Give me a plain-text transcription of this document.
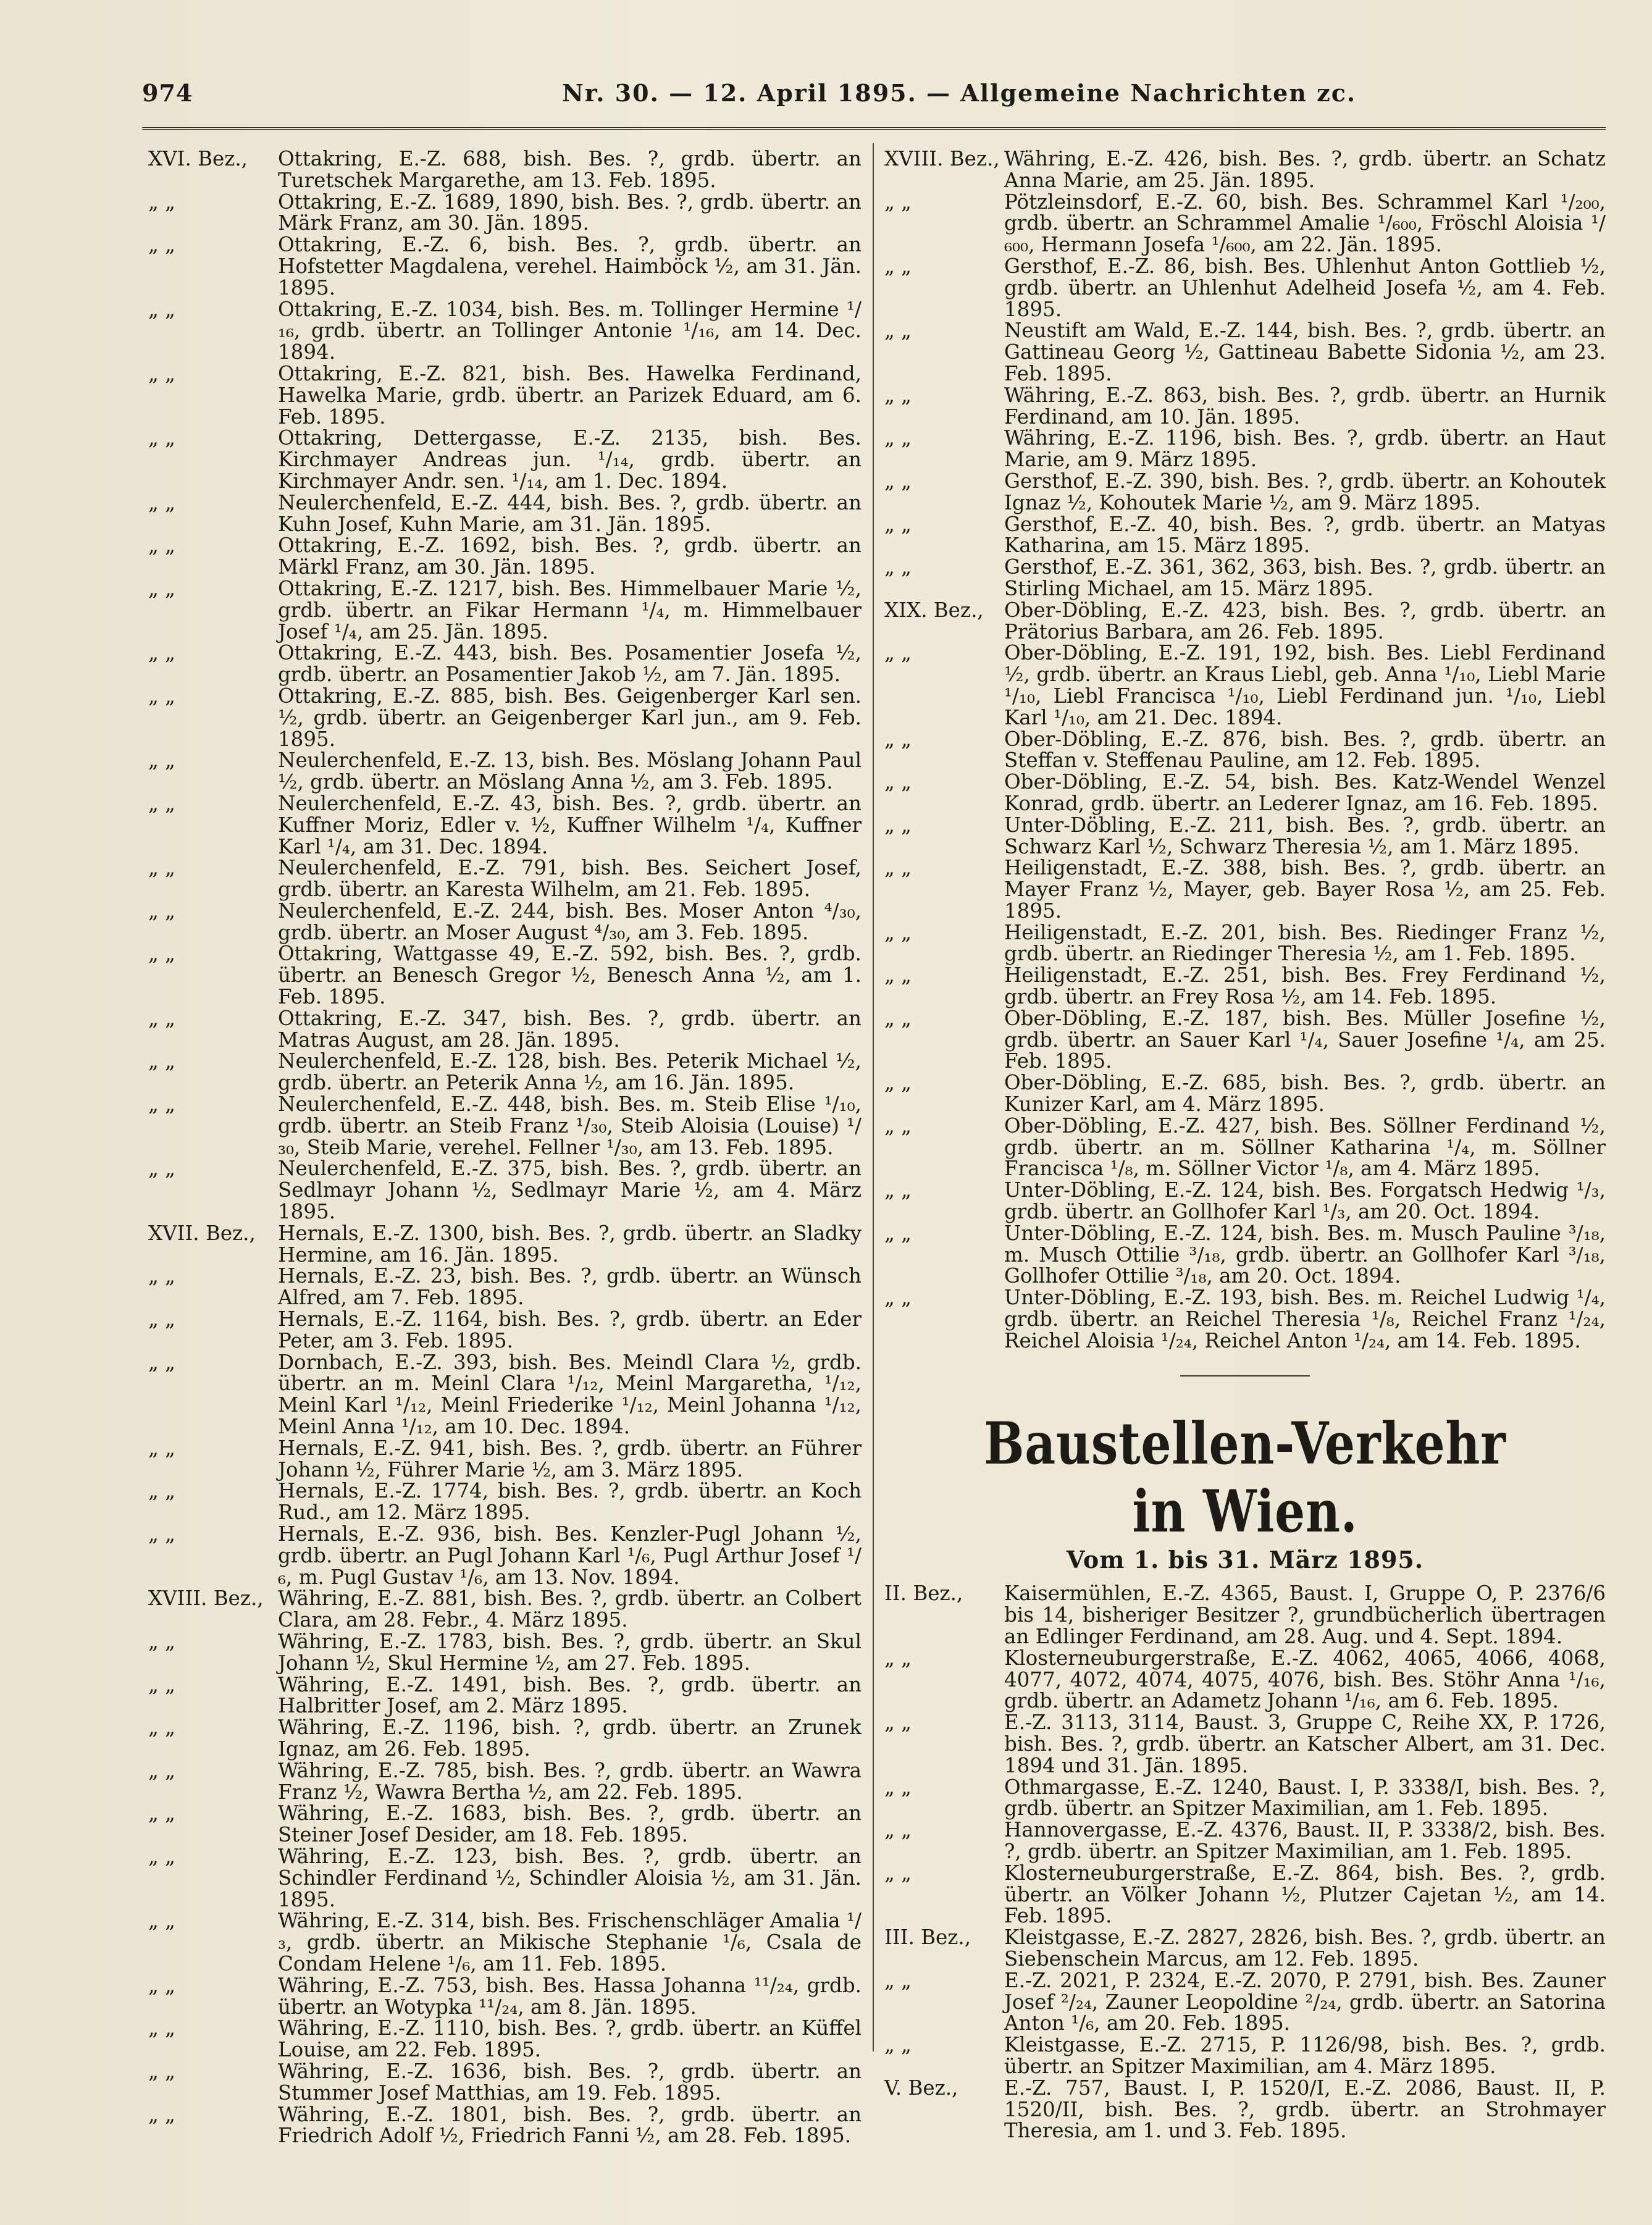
974	Nr. 30. — 12. April 1895. — Allgemeine Nachrichten zc.
XVI. Bez., Ottakring, E.-Z. 688, bish. Bes. ?, grdb. übertr. an Turetschek Margarethe, am 13. Feb. 1895.
„ „	Ottakring, E.-Z. 1689, 1890, bish. Bes. ?, grdb. übertr. an Märk Franz, am 30. Jän. 1895.
„ „	Ottakring, E.-Z. 6, bish. Bes. ?, grdb. übertr. an Hofstetter Magdalena, verehel. Haimböck ½, am 31. Jän. 1895.
„ „	Ottakring, E.-Z. 1034, bish. Bes. m. Tollinger Hermine ¹/₁₆, grdb. übertr. an Tollinger Antonie ¹/₁₆, am 14. Dec. 1894.
„ „	Ottakring, E.-Z. 821, bish. Bes. Hawelka Ferdinand, Hawelka Marie, grdb. übertr. an Parizek Eduard, am 6. Feb. 1895.
„ „	Ottakring, Dettergasse, E.-Z. 2135, bish. Bes. Kirchmayer Andreas jun. ¹/₁₄, grdb. übertr. an Kirchmayer Andr. sen. ¹/₁₄, am 1. Dec. 1894.
„ „	Neulerchenfeld, E.-Z. 444, bish. Bes. ?, grdb. übertr. an Kuhn Josef, Kuhn Marie, am 31. Jän. 1895.
„ „	Ottakring, E.-Z. 1692, bish. Bes. ?, grdb. übertr. an Märkl Franz, am 30. Jän. 1895.
„ „	Ottakring, E.-Z. 1217, bish. Bes. Himmelbauer Marie ½, grdb. übertr. an Fikar Hermann ¹/₄, m. Himmelbauer Josef ¹/₄, am 25. Jän. 1895.
„ „	Ottakring, E.-Z. 443, bish. Bes. Posamentier Josefa ½, grdb. übertr. an Posamentier Jakob ½, am 7. Jän. 1895.
„ „	Ottakring, E.-Z. 885, bish. Bes. Geigenberger Karl sen. ½, grdb. übertr. an Geigenberger Karl jun., am 9. Feb. 1895.
„ „	Neulerchenfeld, E.-Z. 13, bish. Bes. Möslang Johann Paul ½, grdb. übertr. an Möslang Anna ½, am 3. Feb. 1895.
„ „	Neulerchenfeld, E.-Z. 43, bish. Bes. ?, grdb. übertr. an Kuffner Moriz, Edler v. ½, Kuffner Wilhelm ¹/₄, Kuffner Karl ¹/₄, am 31. Dec. 1894.
„ „	Neulerchenfeld, E.-Z. 791, bish. Bes. Seichert Josef, grdb. übertr. an Karesta Wilhelm, am 21. Feb. 1895.
„ „	Neulerchenfeld, E.-Z. 244, bish. Bes. Moser Anton ⁴/₃₀, grdb. übertr. an Moser August ⁴/₃₀, am 3. Feb. 1895.
„ „	Ottakring, Wattgasse 49, E.-Z. 592, bish. Bes. ?, grdb. übertr. an Benesch Gregor ½, Benesch Anna ½, am 1. Feb. 1895.
„ „	Ottakring, E.-Z. 347, bish. Bes. ?, grdb. übertr. an Matras August, am 28. Jän. 1895.
„ „	Neulerchenfeld, E.-Z. 128, bish. Bes. Peterik Michael ½, grdb. übertr. an Peterik Anna ½, am 16. Jän. 1895.
„ „	Neulerchenfeld, E.-Z. 448, bish. Bes. m. Steib Elise ¹/₁₀, grdb. übertr. an Steib Franz ¹/₃₀, Steib Aloisia (Louise) ¹/₃₀, Steib Marie, verehel. Fellner ¹/₃₀, am 13. Feb. 1895.
„ „	Neulerchenfeld, E.-Z. 375, bish. Bes. ?, grdb. übertr. an Sedlmayr Johann ½, Sedlmayr Marie ½, am 4. März 1895.
XVII. Bez., Hernals, E.-Z. 1300, bish. Bes. ?, grdb. übertr. an Sladky Hermine, am 16. Jän. 1895.
„ „	Hernals, E.-Z. 23, bish. Bes. ?, grdb. übertr. an Wünsch Alfred, am 7. Feb. 1895.
„ „	Hernals, E.-Z. 1164, bish. Bes. ?, grdb. übertr. an Eder Peter, am 3. Feb. 1895.
„ „	Dornbach, E.-Z. 393, bish. Bes. Meindl Clara ½, grdb. übertr. an m. Meinl Clara ¹/₁₂, Meinl Margaretha, ¹/₁₂, Meinl Karl ¹/₁₂, Meinl Friederike ¹/₁₂, Meinl Johanna ¹/₁₂, Meinl Anna ¹/₁₂, am 10. Dec. 1894.
„ „	Hernals, E.-Z. 941, bish. Bes. ?, grdb. übertr. an Führer Johann ½, Führer Marie ½, am 3. März 1895.
„ „	Hernals, E.-Z. 1774, bish. Bes. ?, grdb. übertr. an Koch Rud., am 12. März 1895.
„ „	Hernals, E.-Z. 936, bish. Bes. Kenzler-Pugl Johann ½, grdb. übertr. an Pugl Johann Karl ¹/₆, Pugl Arthur Josef ¹/₆, m. Pugl Gustav ¹/₆, am 13. Nov. 1894.
XVIII. Bez., Währing, E.-Z. 881, bish. Bes. ?, grdb. übertr. an Colbert Clara, am 28. Febr., 4. März 1895.
„ „	Währing, E.-Z. 1783, bish. Bes. ?, grdb. übertr. an Skul Johann ½, Skul Hermine ½, am 27. Feb. 1895.
„ „	Währing, E.-Z. 1491, bish. Bes. ?, grdb. übertr. an Halbritter Josef, am 2. März 1895.
„ „	Währing, E.-Z. 1196, bish. ?, grdb. übertr. an Zrunek Ignaz, am 26. Feb. 1895.
„ „	Währing, E.-Z. 785, bish. Bes. ?, grdb. übertr. an Wawra Franz ½, Wawra Bertha ½, am 22. Feb. 1895.
„ „	Währing, E.-Z. 1683, bish. Bes. ?, grdb. übertr. an Steiner Josef Desider, am 18. Feb. 1895.
„ „	Währing, E.-Z. 123, bish. Bes. ?, grdb. übertr. an Schindler Ferdinand ½, Schindler Aloisia ½, am 31. Jän. 1895.
„ „	Währing, E.-Z. 314, bish. Bes. Frischenschläger Amalia ¹/₃, grdb. übertr. an Mikische Stephanie ¹/₆, Csala de Condam Helene ¹/₆, am 11. Feb. 1895.
„ „	Währing, E.-Z. 753, bish. Bes. Hassa Johanna ¹¹/₂₄, grdb. übertr. an Wotypka ¹¹/₂₄, am 8. Jän. 1895.
„ „	Währing, E.-Z. 1110, bish. Bes. ?, grdb. übertr. an Küffel Louise, am 22. Feb. 1895.
„ „	Währing, E.-Z. 1636, bish. Bes. ?, grdb. übertr. an Stummer Josef Matthias, am 19. Feb. 1895.
„ „	Währing, E.-Z. 1801, bish. Bes. ?, grdb. übertr. an Friedrich Adolf ½, Friedrich Fanni ½, am 28. Feb. 1895.
XVIII. Bez., Währing, E.-Z. 426, bish. Bes. ?, grdb. übertr. an Schatz Anna Marie, am 25. Jän. 1895.
„ „	Pötzleinsdorf, E.-Z. 60, bish. Bes. Schrammel Karl ¹/₂₀₀, grdb. übertr. an Schrammel Amalie ¹/₆₀₀, Fröschl Aloisia ¹/₆₀₀, Hermann Josefa ¹/₆₀₀, am 22. Jän. 1895.
„ „	Gersthof, E.-Z. 86, bish. Bes. Uhlenhut Anton Gottlieb ½, grdb. übertr. an Uhlenhut Adelheid Josefa ½, am 4. Feb. 1895.
„ „	Neustift am Wald, E.-Z. 144, bish. Bes. ?, grdb. übertr. an Gattineau Georg ½, Gattineau Babette Sidonia ½, am 23. Feb. 1895.
„ „	Währing, E.-Z. 863, bish. Bes. ?, grdb. übertr. an Hurnik Ferdinand, am 10. Jän. 1895.
„ „	Währing, E.-Z. 1196, bish. Bes. ?, grdb. übertr. an Haut Marie, am 9. März 1895.
„ „	Gersthof, E.-Z. 390, bish. Bes. ?, grdb. übertr. an Kohoutek Ignaz ½, Kohoutek Marie ½, am 9. März 1895.
„ „	Gersthof, E.-Z. 40, bish. Bes. ?, grdb. übertr. an Matyas Katharina, am 15. März 1895.
„ „	Gersthof, E.-Z. 361, 362, 363, bish. Bes. ?, grdb. übertr. an Stirling Michael, am 15. März 1895.
XIX. Bez., Ober-Döbling, E.-Z. 423, bish. Bes. ?, grdb. übertr. an Prätorius Barbara, am 26. Feb. 1895.
„ „	Ober-Döbling, E.-Z. 191, 192, bish. Bes. Liebl Ferdinand ½, grdb. übertr. an Kraus Liebl, geb. Anna ¹/₁₀, Liebl Marie ¹/₁₀, Liebl Francisca ¹/₁₀, Liebl Ferdinand jun. ¹/₁₀, Liebl Karl ¹/₁₀, am 21. Dec. 1894.
„ „	Ober-Döbling, E.-Z. 876, bish. Bes. ?, grdb. übertr. an Steffan v. Steffenau Pauline, am 12. Feb. 1895.
„ „	Ober-Döbling, E.-Z. 54, bish. Bes. Katz-Wendel Wenzel Konrad, grdb. übertr. an Lederer Ignaz, am 16. Feb. 1895.
„ „	Unter-Döbling, E.-Z. 211, bish. Bes. ?, grdb. übertr. an Schwarz Karl ½, Schwarz Theresia ½, am 1. März 1895.
„ „	Heiligenstadt, E.-Z. 388, bish. Bes. ?, grdb. übertr. an Mayer Franz ½, Mayer, geb. Bayer Rosa ½, am 25. Feb. 1895.
„ „	Heiligenstadt, E.-Z. 201, bish. Bes. Riedinger Franz ½, grdb. übertr. an Riedinger Theresia ½, am 1. Feb. 1895.
„ „	Heiligenstadt, E.-Z. 251, bish. Bes. Frey Ferdinand ½, grdb. übertr. an Frey Rosa ½, am 14. Feb. 1895.
„ „	Ober-Döbling, E.-Z. 187, bish. Bes. Müller Josefine ½, grdb. übertr. an Sauer Karl ¹/₄, Sauer Josefine ¹/₄, am 25. Feb. 1895.
„ „	Ober-Döbling, E.-Z. 685, bish. Bes. ?, grdb. übertr. an Kunizer Karl, am 4. März 1895.
„ „	Ober-Döbling, E.-Z. 427, bish. Bes. Söllner Ferdinand ½, grdb. übertr. an m. Söllner Katharina ¹/₄, m. Söllner Francisca ¹/₈, m. Söllner Victor ¹/₈, am 4. März 1895.
„ „	Unter-Döbling, E.-Z. 124, bish. Bes. Forgatsch Hedwig ¹/₃, grdb. übertr. an Gollhofer Karl ¹/₃, am 20. Oct. 1894.
„ „	Unter-Döbling, E.-Z. 124, bish. Bes. m. Musch Pauline ³/₁₈, m. Musch Ottilie ³/₁₈, grdb. übertr. an Gollhofer Karl ³/₁₈, Gollhofer Ottilie ³/₁₈, am 20. Oct. 1894.
„ „	Unter-Döbling, E.-Z. 193, bish. Bes. m. Reichel Ludwig ¹/₄, grdb. übertr. an Reichel Theresia ¹/₈, Reichel Franz ¹/₂₄, Reichel Aloisia ¹/₂₄, Reichel Anton ¹/₂₄, am 14. Feb. 1895.
Baustellen-Verkehr in Wien.
Vom 1. bis 31. März 1895.
II. Bez., Kaisermühlen, E.-Z. 4365, Baust. I, Gruppe O, P. 2376/6 bis 14, bisheriger Besitzer ?, grundbücherlich übertragen an Edlinger Ferdinand, am 28. Aug. und 4. Sept. 1894.
„ „	Klosterneuburgerstraße, E.-Z. 4062, 4065, 4066, 4068, 4077, 4072, 4074, 4075, 4076, bish. Bes. Stöhr Anna ¹/₁₆, grdb. übertr. an Adametz Johann ¹/₁₆, am 6. Feb. 1895.
„ „	E.-Z. 3113, 3114, Baust. 3, Gruppe C, Reihe XX, P. 1726, bish. Bes. ?, grdb. übertr. an Katscher Albert, am 31. Dec. 1894 und 31. Jän. 1895.
„ „	Othmargasse, E.-Z. 1240, Baust. I, P. 3338/I, bish. Bes. ?, grdb. übertr. an Spitzer Maximilian, am 1. Feb. 1895.
„ „	Hannovergasse, E.-Z. 4376, Baust. II, P. 3338/2, bish. Bes. ?, grdb. übertr. an Spitzer Maximilian, am 1. Feb. 1895.
„ „	Klosterneuburgerstraße, E.-Z. 864, bish. Bes. ?, grdb. übertr. an Völker Johann ½, Plutzer Cajetan ½, am 14. Feb. 1895.
III. Bez., Kleistgasse, E.-Z. 2827, 2826, bish. Bes. ?, grdb. übertr. an Siebenschein Marcus, am 12. Feb. 1895.
„ „	E.-Z. 2021, P. 2324, E.-Z. 2070, P. 2791, bish. Bes. Zauner Josef ²/₂₄, Zauner Leopoldine ²/₂₄, grdb. übertr. an Satorina Anton ¹/₆, am 20. Feb. 1895.
„ „	Kleistgasse, E.-Z. 2715, P. 1126/98, bish. Bes. ?, grdb. übertr. an Spitzer Maximilian, am 4. März 1895.
V. Bez., E.-Z. 757, Baust. I, P. 1520/I, E.-Z. 2086, Baust. II, P. 1520/II, bish. Bes. ?, grdb. übertr. an Strohmayer Theresia, am 1. und 3. Feb. 1895.
